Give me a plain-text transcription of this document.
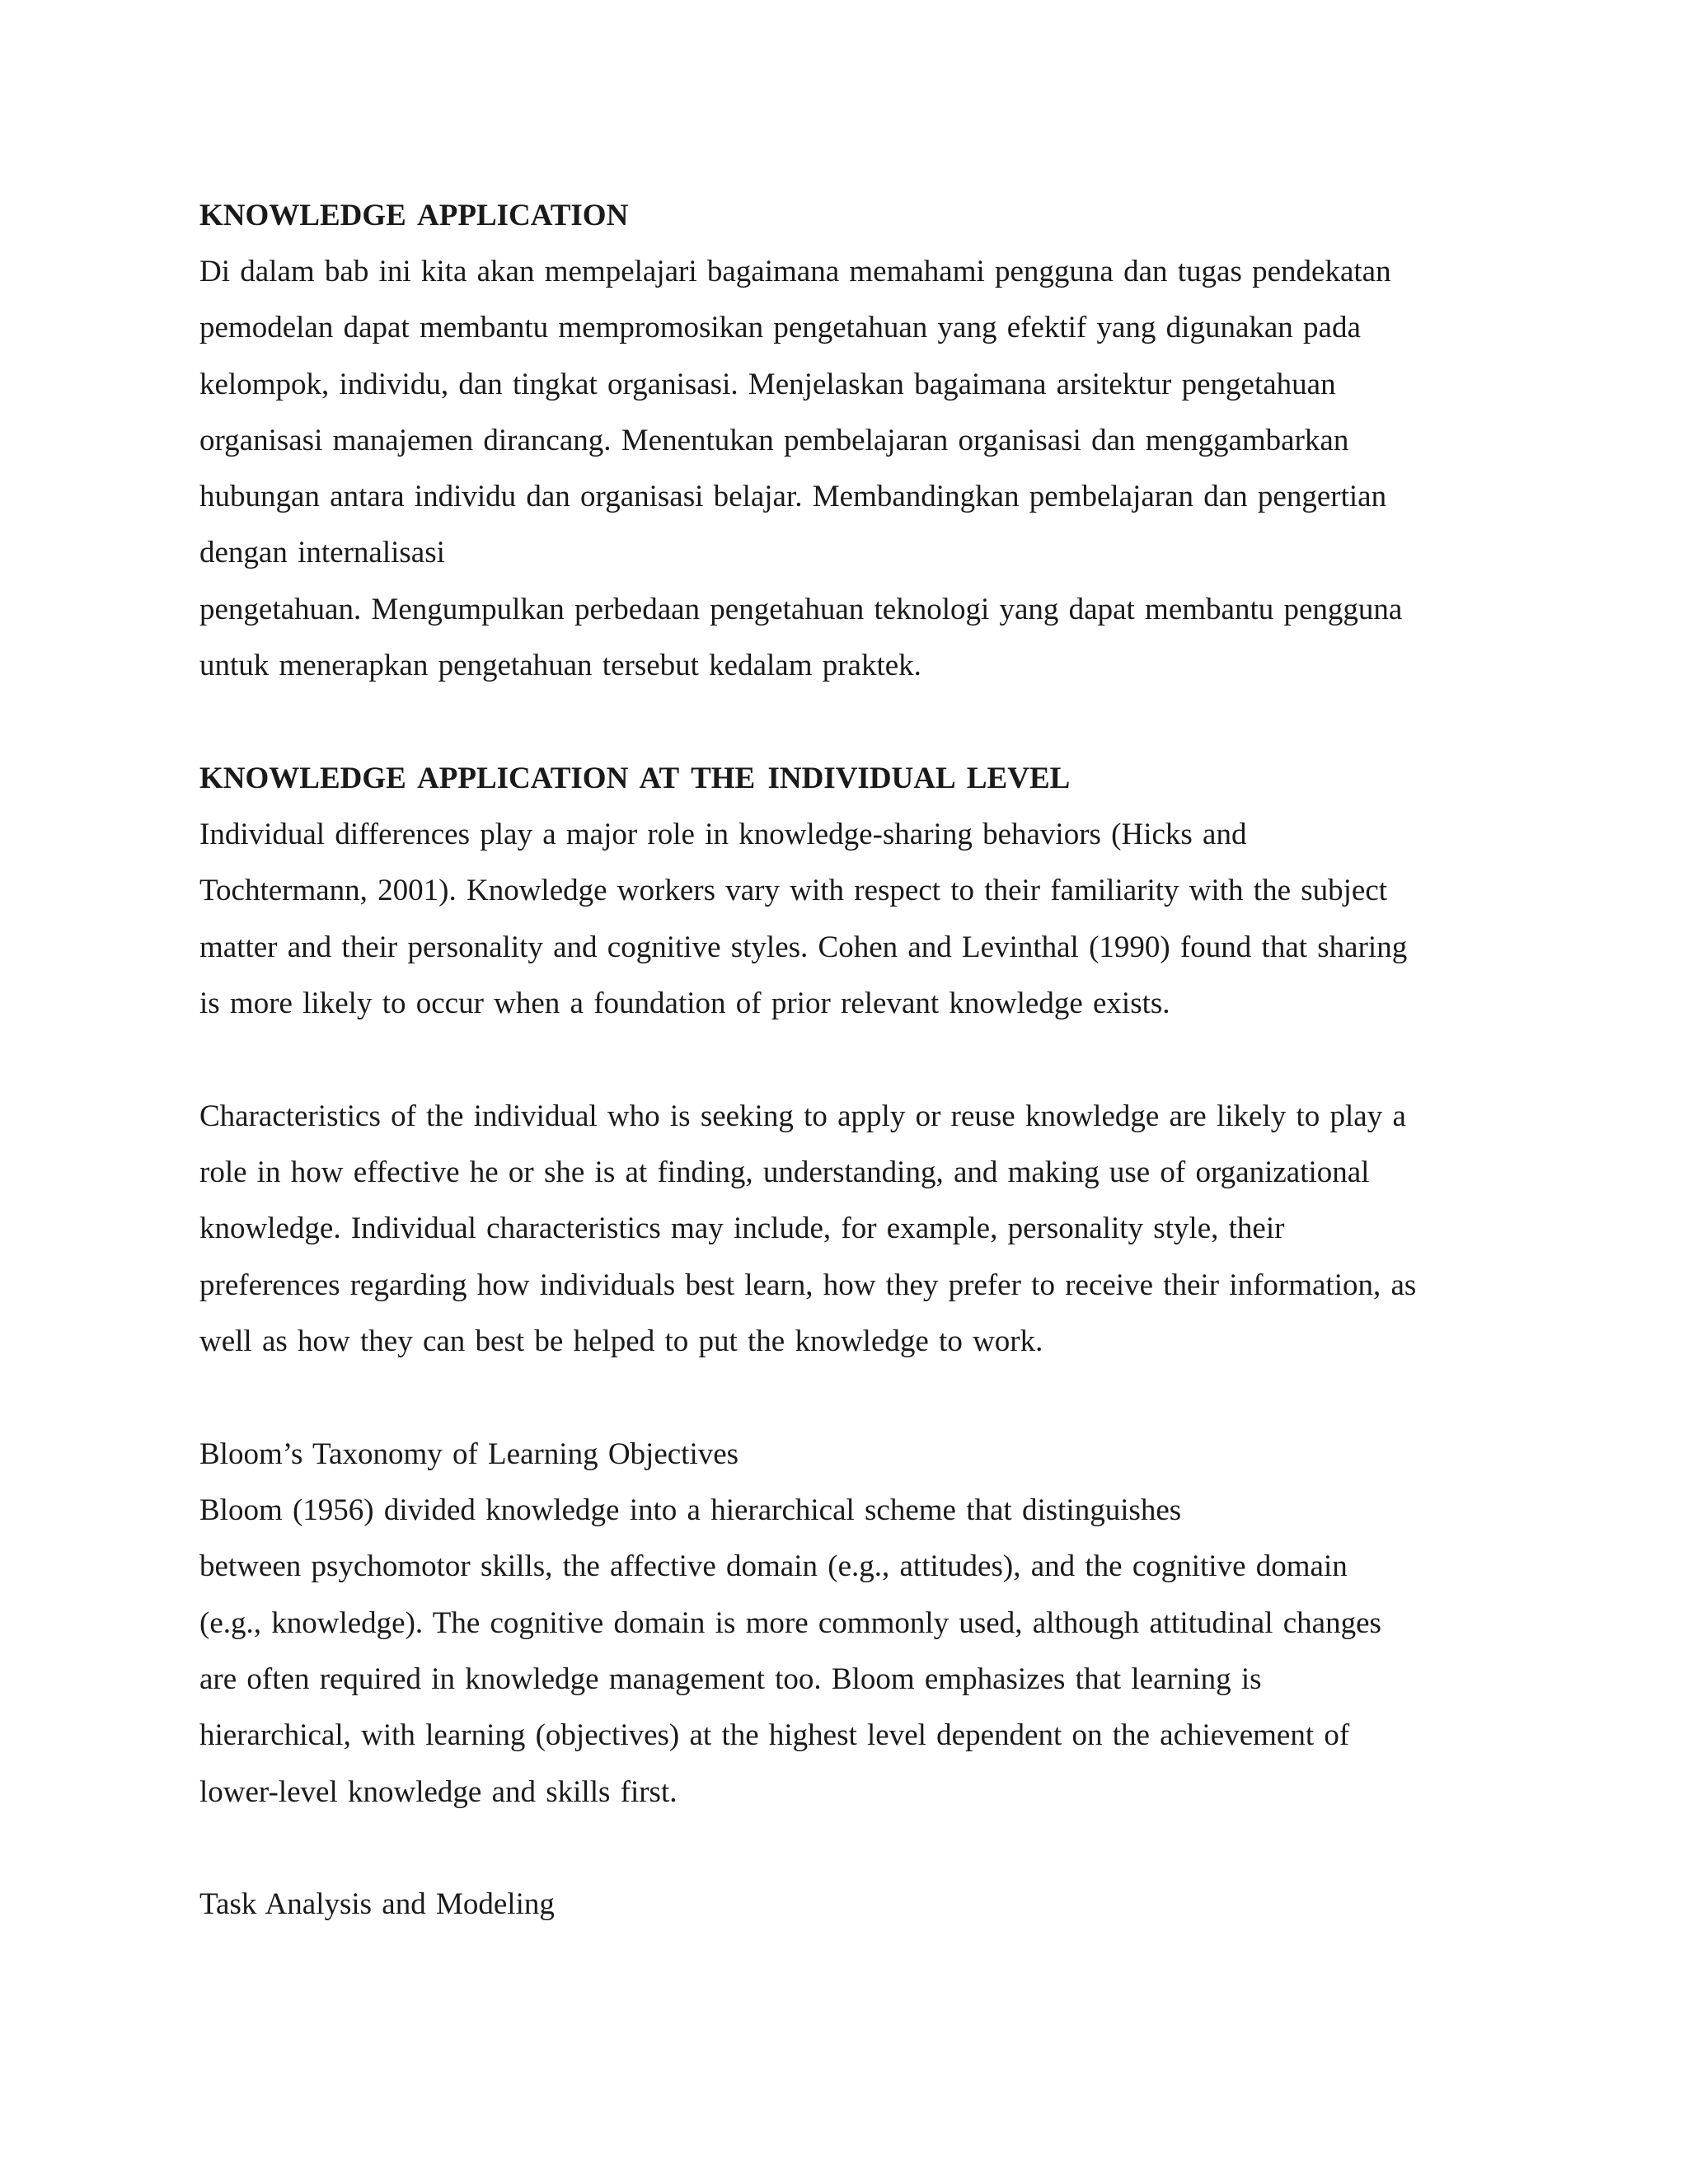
KNOWLEDGE APPLICATION
Di dalam bab ini kita akan mempelajari bagaimana memahami pengguna dan tugas pendekatan
pemodelan dapat membantu mempromosikan pengetahuan yang efektif yang digunakan pada
kelompok, individu, dan tingkat organisasi. Menjelaskan bagaimana arsitektur pengetahuan
organisasi manajemen dirancang. Menentukan pembelajaran organisasi dan menggambarkan
hubungan antara individu dan organisasi belajar. Membandingkan pembelajaran dan pengertian
dengan internalisasi
pengetahuan. Mengumpulkan perbedaan pengetahuan teknologi yang dapat membantu pengguna
untuk menerapkan pengetahuan tersebut kedalam praktek.
KNOWLEDGE APPLICATION AT THE INDIVIDUAL LEVEL
Individual differences play a major role in knowledge-sharing behaviors (Hicks and
Tochtermann, 2001). Knowledge workers vary with respect to their familiarity with the subject
matter and their personality and cognitive styles. Cohen and Levinthal (1990) found that sharing
is more likely to occur when a foundation of prior relevant knowledge exists.
Characteristics of the individual who is seeking to apply or reuse knowledge are likely to play a
role in how effective he or she is at finding, understanding, and making use of organizational
knowledge. Individual characteristics may include, for example, personality style, their
preferences regarding how individuals best learn, how they prefer to receive their information, as
well as how they can best be helped to put the knowledge to work.
Bloom’s Taxonomy of Learning Objectives
Bloom (1956) divided knowledge into a hierarchical scheme that distinguishes
between psychomotor skills, the affective domain (e.g., attitudes), and the cognitive domain
(e.g., knowledge). The cognitive domain is more commonly used, although attitudinal changes
are often required in knowledge management too. Bloom emphasizes that learning is
hierarchical, with learning (objectives) at the highest level dependent on the achievement of
lower-level knowledge and skills first.
Task Analysis and Modeling
